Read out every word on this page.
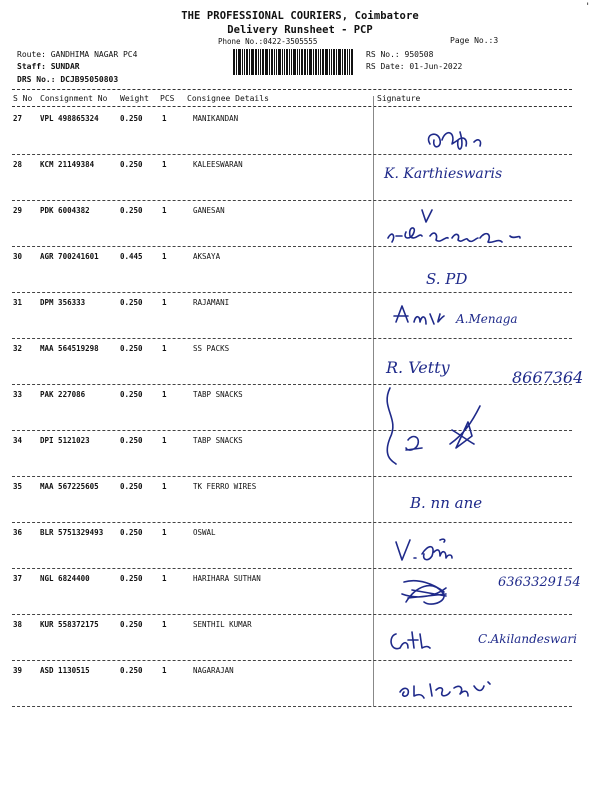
THE PROFESSIONAL COURIERS, Coimbatore
Delivery Runsheet - PCP
Phone No.:0422-3505555	Page No.:3
'
Route: GANDHIMA NAGAR PC4
Staff: SUNDAR
DRS No.: DCJB95050803
RS No.: 950508
RS Date: 01-Jun-2022
S No Consignment No Weight PCS Consignee Details	Signature
27 VPL 498865324	0.250	1	MANIKANDAN
28 KCM 21149384	0.250	1	KALEESWARAN
29 PDK 6004382	0.250	1	GANESAN
30 AGR 700241601	0.445	1	AKSAYA
31 DPM 356333	0.250	1	RAJAMANI
32 MAA 564519298	0.250	1	SS PACKS
33 PAK 227086	0.250	1	TABP SNACKS
34 DPI 5121023	0.250	1	TABP SNACKS
35 MAA 567225605	0.250	1	TK FERRO WIRES
36 BLR 5751329493 0.250	1	OSWAL
37 NGL 6824400	0.250	1	HARIHARA SUTHAN
38 KUR 558372175	0.250	1	SENTHIL KUMAR
39 ASD 1130515	0.250	1	NAGARAJAN
K. Karthieswaris
S. PD
A.Menaga
R. Vetty
8667364
B. nn ane
6363329154
C.Akilandeswari
